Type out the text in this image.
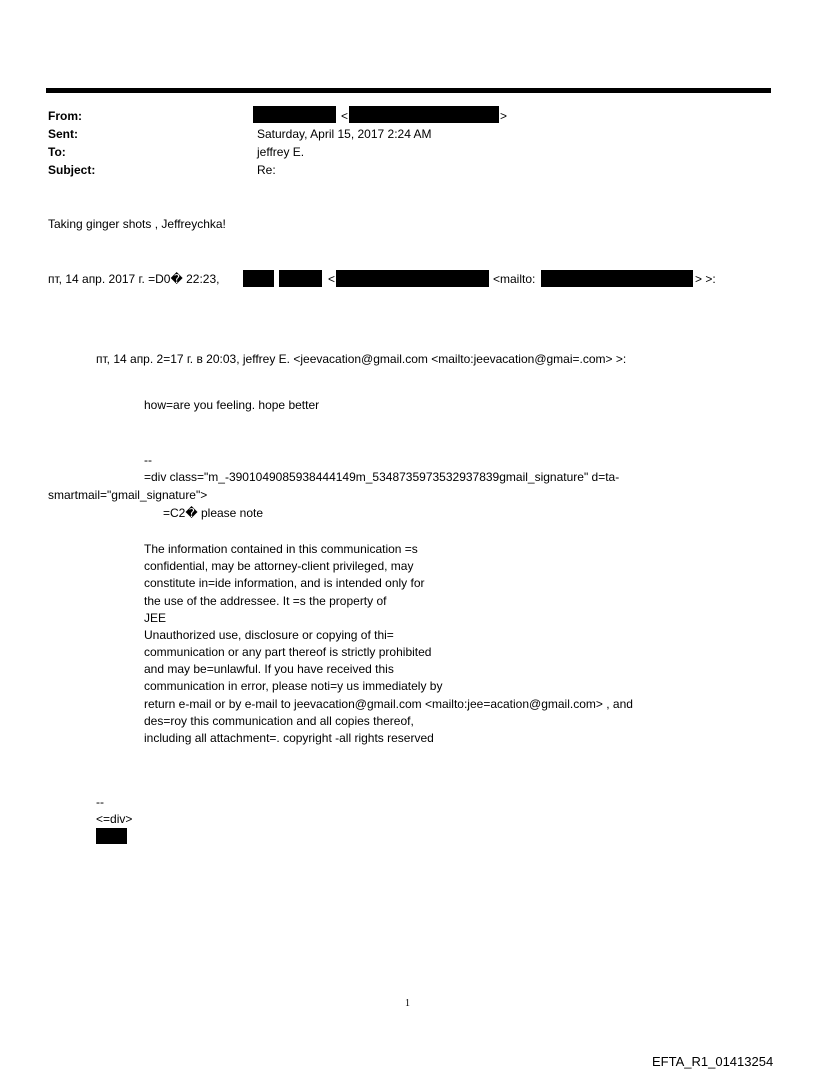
From:	<	>
Sent:	Saturday, April 15, 2017 2:24 AM
To:	jeffrey E.
Subject:	Re:
Taking ginger shots , Jeffreychka!
пт, 14 апр. 2017 г. =D0� 22:23,	<	<mailto:	> >:
пт, 14 апр. 2=17 г. в 20:03, jeffrey E. <jeevacation@gmail.com <mailto:jeevacation@gmai=.com> >:
how=are you feeling. hope better
--
=div class="m_-3901049085938444149m_5348735973532937839gmail_signature" d=ta-
smartmail="gmail_signature">
=C2� please note
The information contained in this communication =s
confidential, may be attorney-client privileged, may
constitute in=ide information, and is intended only for
the use of the addressee. It =s the property of
JEE
Unauthorized use, disclosure or copying of thi=
communication or any part thereof is strictly prohibited
and may be=unlawful. If you have received this
communication in error, please noti=y us immediately by
return e-mail or by e-mail to jeevacation@gmail.com <mailto:jee=acation@gmail.com> , and
des=roy this communication and all copies thereof,
including all attachment=. copyright -all rights reserved
--
<=div>
1
EFTA_R1_01413254
